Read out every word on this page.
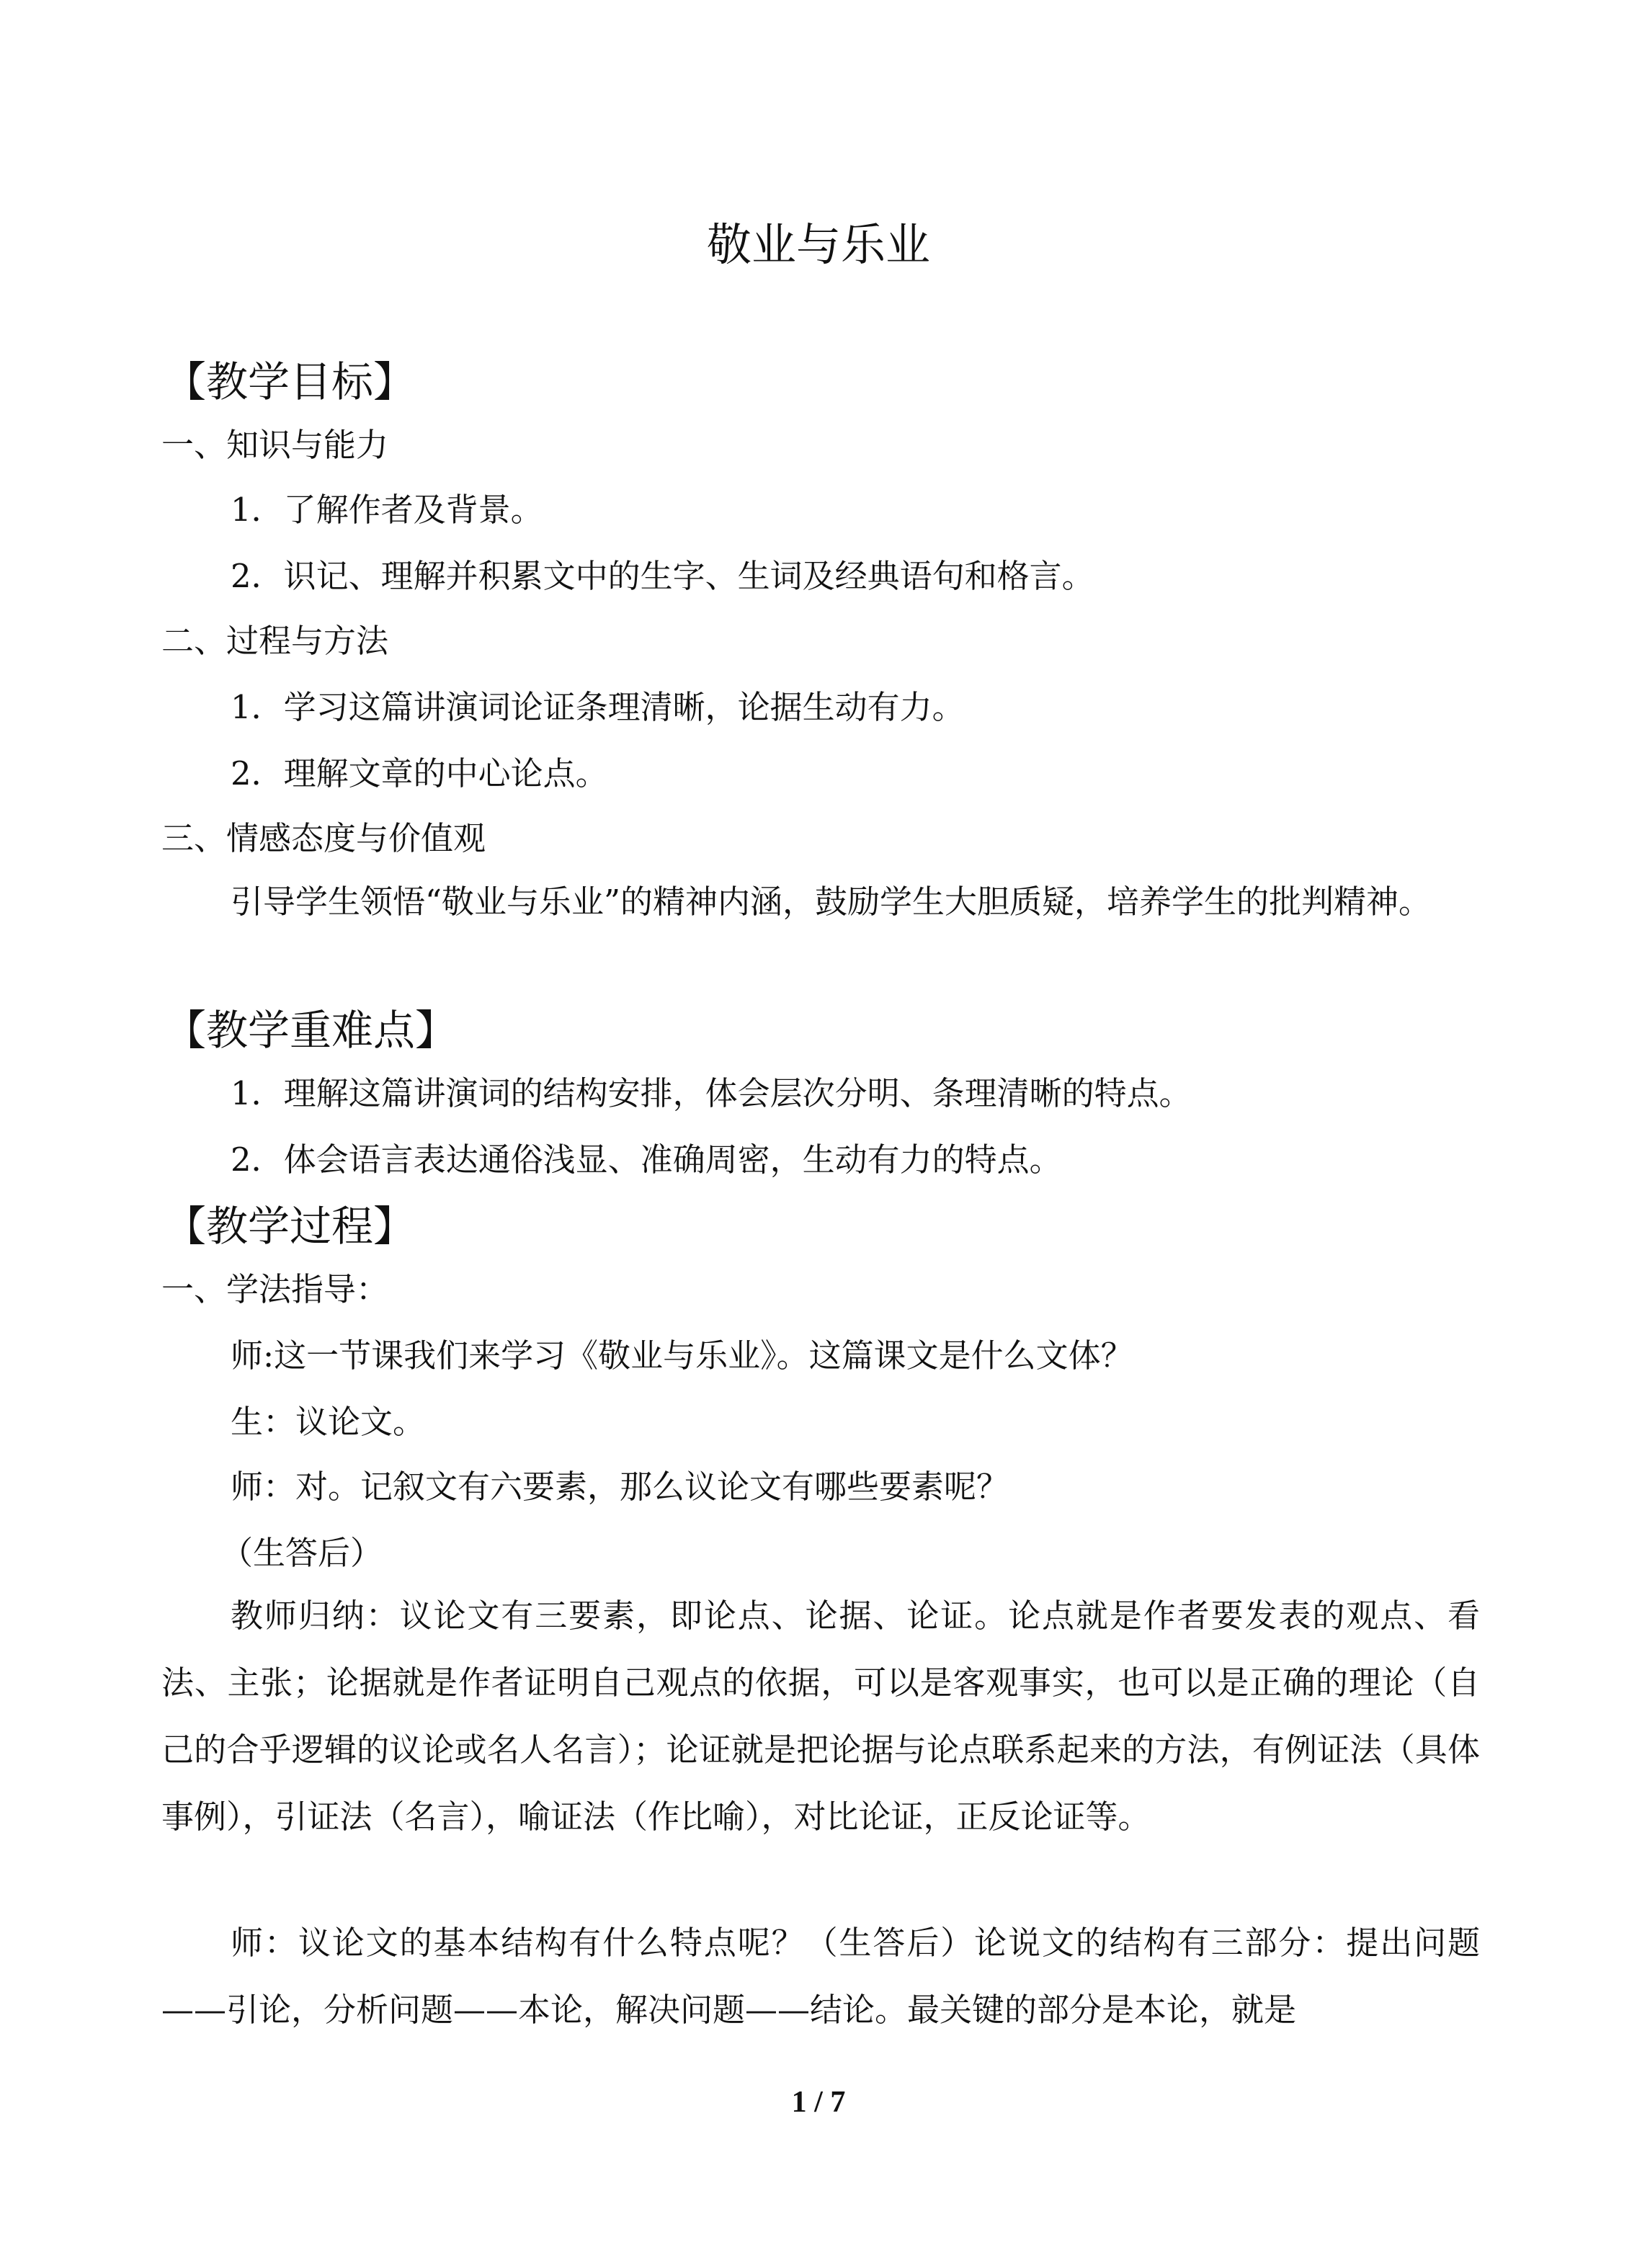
敬业与乐业
【教学目标】
一、知识与能力
1．了解作者及背景。
2．识记、理解并积累文中的生字、生词及经典语句和格言。
二、过程与方法
1．学习这篇讲演词论证条理清晰，论据生动有力。
2．理解文章的中心论点。
三、情感态度与价值观
引导学生领悟“敬业与乐业”的精神内涵，鼓励学生大胆质疑，培养学生的批判精神。
【教学重难点】
1．理解这篇讲演词的结构安排，体会层次分明、条理清晰的特点。
2．体会语言表达通俗浅显、准确周密，生动有力的特点。
【教学过程】
一、学法指导：
师:这一节课我们来学习《敬业与乐业》。这篇课文是什么文体？
生：议论文。
师：对。记叙文有六要素，那么议论文有哪些要素呢？
（生答后）
教师归纳：议论文有三要素，即论点、论据、论证。论点就是作者要发表的观点、看法、主张；论据就是作者证明自己观点的依据，可以是客观事实，也可以是正确的理论（自己的合乎逻辑的议论或名人名言）；论证就是把论据与论点联系起来的方法，有例证法（具体事例），引证法（名言），喻证法（作比喻），对比论证，正反论证等。
师：议论文的基本结构有什么特点呢？（生答后）论说文的结构有三部分：提出问题——引论，分析问题——本论，解决问题——结论。最关键的部分是本论，就是
1 / 7
